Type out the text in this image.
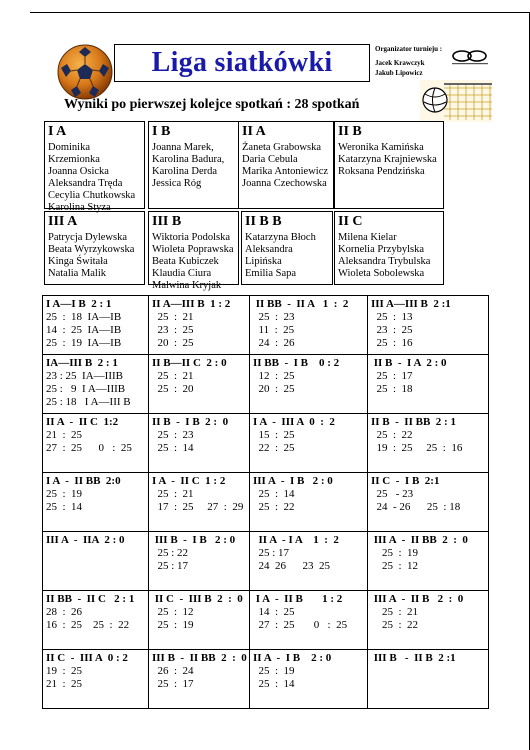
Liga siatkówki	Organizator turnieju :
Jacek Krawczyk
Jakub Lipowicz
Wyniki po pierwszej kolejce spotkań : 28 spotkań
I A
Dominika Krzemionka
Joanna Osicka
Aleksandra Tręda
Cecylia Chutkowska
Karolina Styza
I B
Joanna Marek,
Karolina Badura,
Karolina Derda
Jessica Róg
II A
Żaneta Grabowska
Daria Cebula
Marika Antoniewicz
Joanna Czechowska
II B
Weronika Kamińska
Katarzyna Krajniewska
Roksana Pendzińska
III A
Patrycja Dylewska
Beata Wyrzykowska
Kinga Świtała
Natalia Malik
III B
Wiktoria Podolska
Wioleta Poprawska
Beata Kubiczek
Klaudia Ciura
Malwina Kryjak
II B B
Katarzyna Błoch
Aleksandra Lipińska
Emilia Sapa
II C
Milena Kielar
Kornelia Przybylska
Aleksandra Trybulska
Wioleta Sobolewska
I A—I B  2 : 1
25  :  18  IA—IB
14  :  25  IA—IB
25  :  19  IA—IB	II A—III B  1 : 2
25  :  21
23  :  25
20  :  25	II BB  -  II A   1  :  2
25  :  23
11  :  25
24  :  26	III A—III B  2 :1
25  :  13
23  :  25
25  :  16

IA—III B  2 : 1
23 : 25  IA—IIIB
25 :   9  I A—IIIB
25 : 18   I A—III B	II B—II C  2 : 0
25  :  21
25  :  20	II BB  -  I B    0 : 2
12  :  25
20  :  25	II B  -  I A  2 : 0
25  :  17
25  :  18

II A  -  II C  1:2
21  :  25
27  :  25      0   :  25	II B  -  I B  2 :  0
25  :  23
25  :  14	I A  -  III A  0  :  2
15  :  25
22  :  25	II B  -  II BB  2 : 1
25  :  22
19  :  25     25  :  16

I A  -  II BB  2:0
25  :  19
25  :  14	I A  -  II C  1 : 2
25  :  21
17  :  25     27  :  29	III A  -  I B   2 : 0
25  :  14
25  :  22	II C  -  I B  2:1
25   - 23
24  - 26      25  : 18

III A  -  IIA  2 : 0	III B  -  I B   2 : 0
25 : 22
25 : 17	II A  - I A    1  :  2
25 : 17
24  26      23  25	III A  -  II BB  2  :  0
25  :  19
25  :  12

II BB  -  II C   2 : 1
28  :  26
16  :  25    25  :  22	II C  -  III B  2  :  0
25  :  12
25  :  19	I A  -  II B       1 : 2
14  :  25
27  :  25       0   :  25	III A  -  II B   2  :  0
25  :  21
25  :  22

II C  -  III A  0 : 2
19  :  25
21  :  25	III B  -  II BB  2  :  0
26  :  24
25  :  17	II A  -  I B    2 : 0
25  :  19
25  :  14	III B   -  II B  2 :1
